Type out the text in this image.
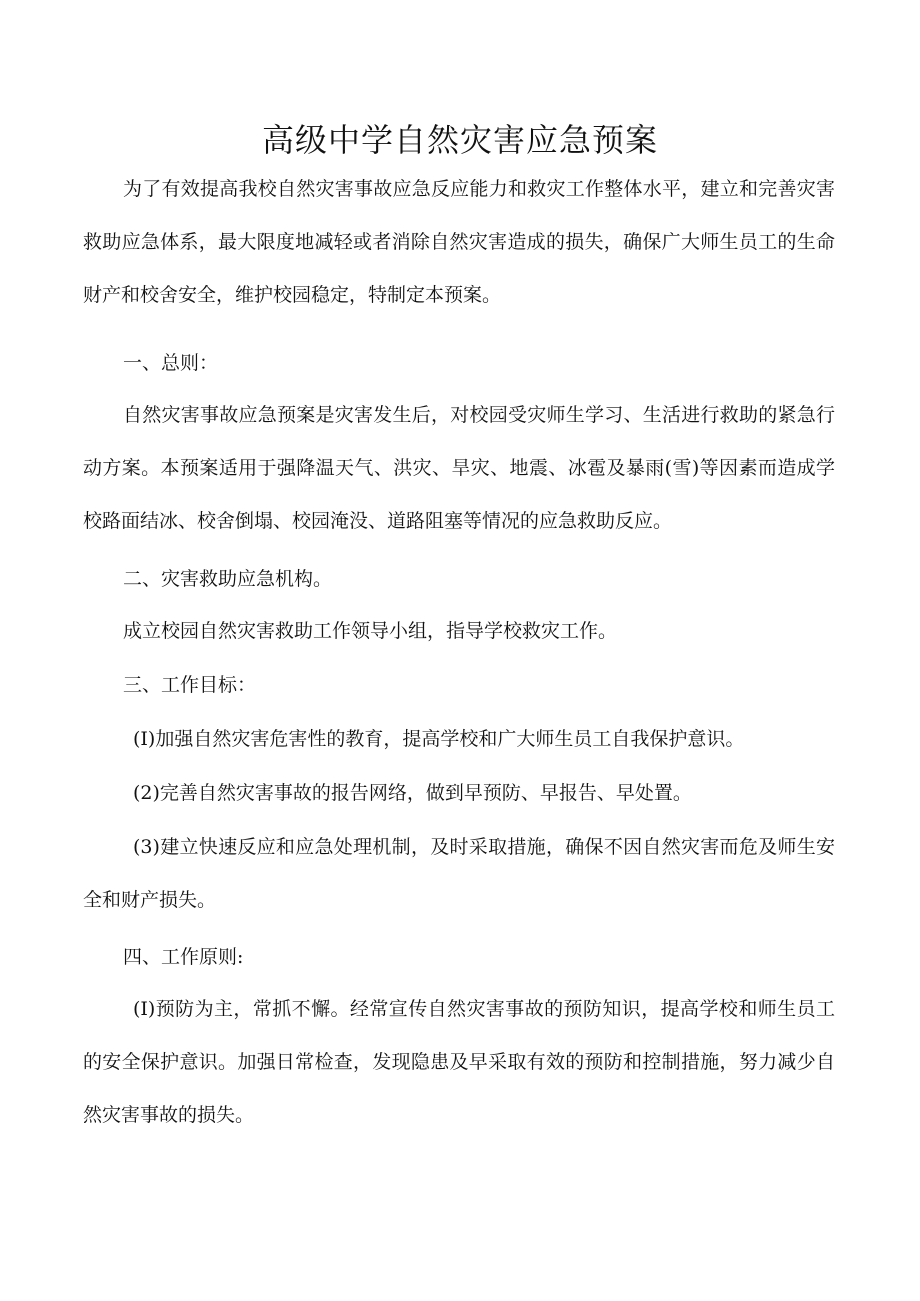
高级中学自然灾害应急预案

为了有效提高我校自然灾害事故应急反应能力和救灾工作整体水平，建立和完善灾害救助应急体系，最大限度地减轻或者消除自然灾害造成的损失，确保广大师生员工的生命财产和校舍安全，维护校园稳定，特制定本预案。

一、总则：

自然灾害事故应急预案是灾害发生后，对校园受灾师生学习、生活进行救助的紧急行动方案。本预案适用于强降温天气、洪灾、旱灾、地震、冰雹及暴雨(雪)等因素而造成学校路面结冰、校舍倒塌、校园淹没、道路阻塞等情况的应急救助反应。

二、灾害救助应急机构。

成立校园自然灾害救助工作领导小组，指导学校救灾工作。

三、工作目标：

(I)加强自然灾害危害性的教育，提高学校和广大师生员工自我保护意识。

(2)完善自然灾害事故的报告网络，做到早预防、早报告、早处置。

(3)建立快速反应和应急处理机制，及时采取措施，确保不因自然灾害而危及师生安全和财产损失。

四、工作原则:

(I)预防为主，常抓不懈。经常宣传自然灾害事故的预防知识，提高学校和师生员工的安全保护意识。加强日常检查，发现隐患及早采取有效的预防和控制措施，努力减少自然灾害事故的损失。
